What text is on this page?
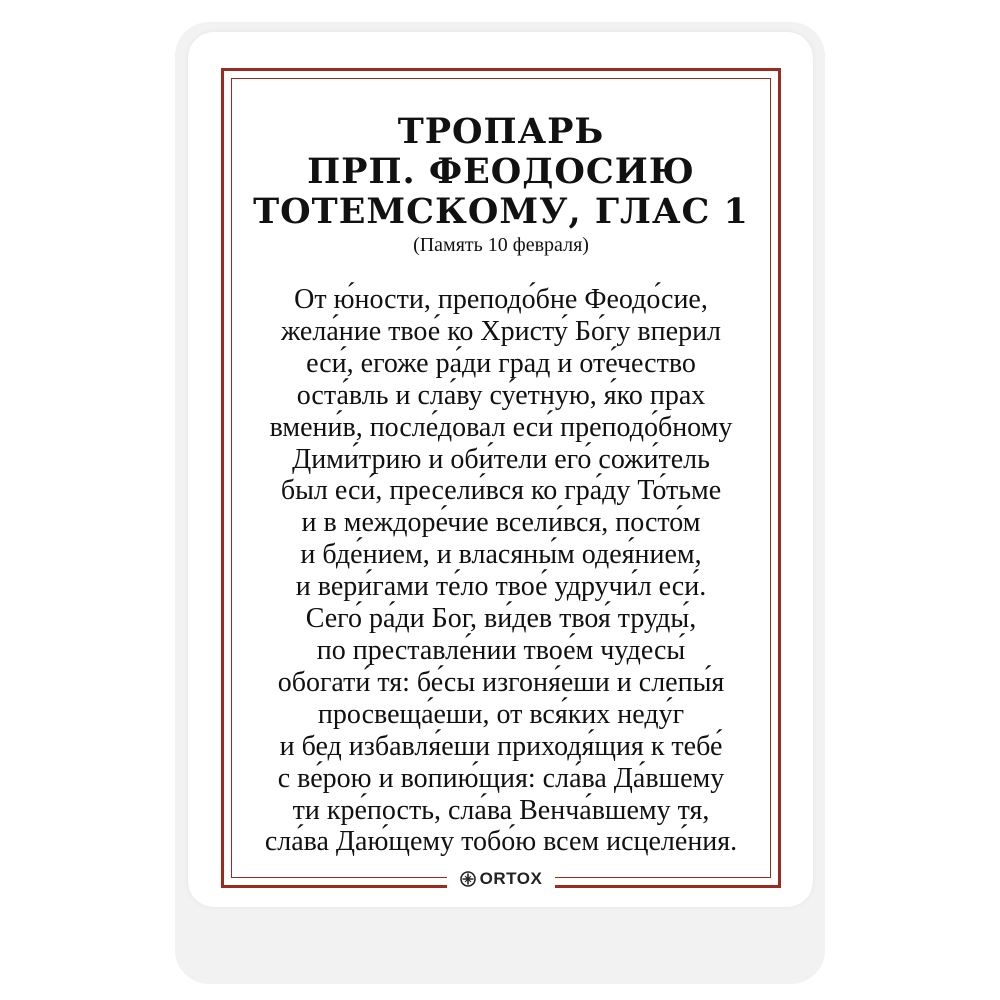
ТРОПАРЬ
ПРП. ФЕОДОСИЮ
ТОТЕМСКОМУ, ГЛАС 1
(Память 10 февраля)
От ю́ности, преподо́бне Феодо́сие,
жела́ние твое́ ко Христу́ Бо́гу вперил
еси́, егоже ра́ди град и оте́чество
оста́вль и сла́ву су́етную, я́ко прах
вмени́в, после́довал еси́ преподо́бному
Дими́трию и оби́тели его́ сожи́тель
был еси́, пресели́вся ко гра́ду То́тьме
и в междоре́чие всели́вся, посто́м
и бде́нием, и власяны́м одея́нием,
и вери́гами те́ло твое́ удручи́л еси́.
Сего́ ра́ди Бог, ви́дев твоя́ труды́,
по преставле́нии твое́м чудесы́
обогати́ тя: бе́сы изгоня́еши и слепы́я
просвеща́еши, от вся́ких неду́г
и бед избавля́еши приходя́щия к тебе́
с ве́рою и вопию́щия: сла́ва Да́вшему
ти кре́пость, сла́ва Венча́вшему тя,
сла́ва Даю́щему тобо́ю всем исцеле́ния.
ORTOX
